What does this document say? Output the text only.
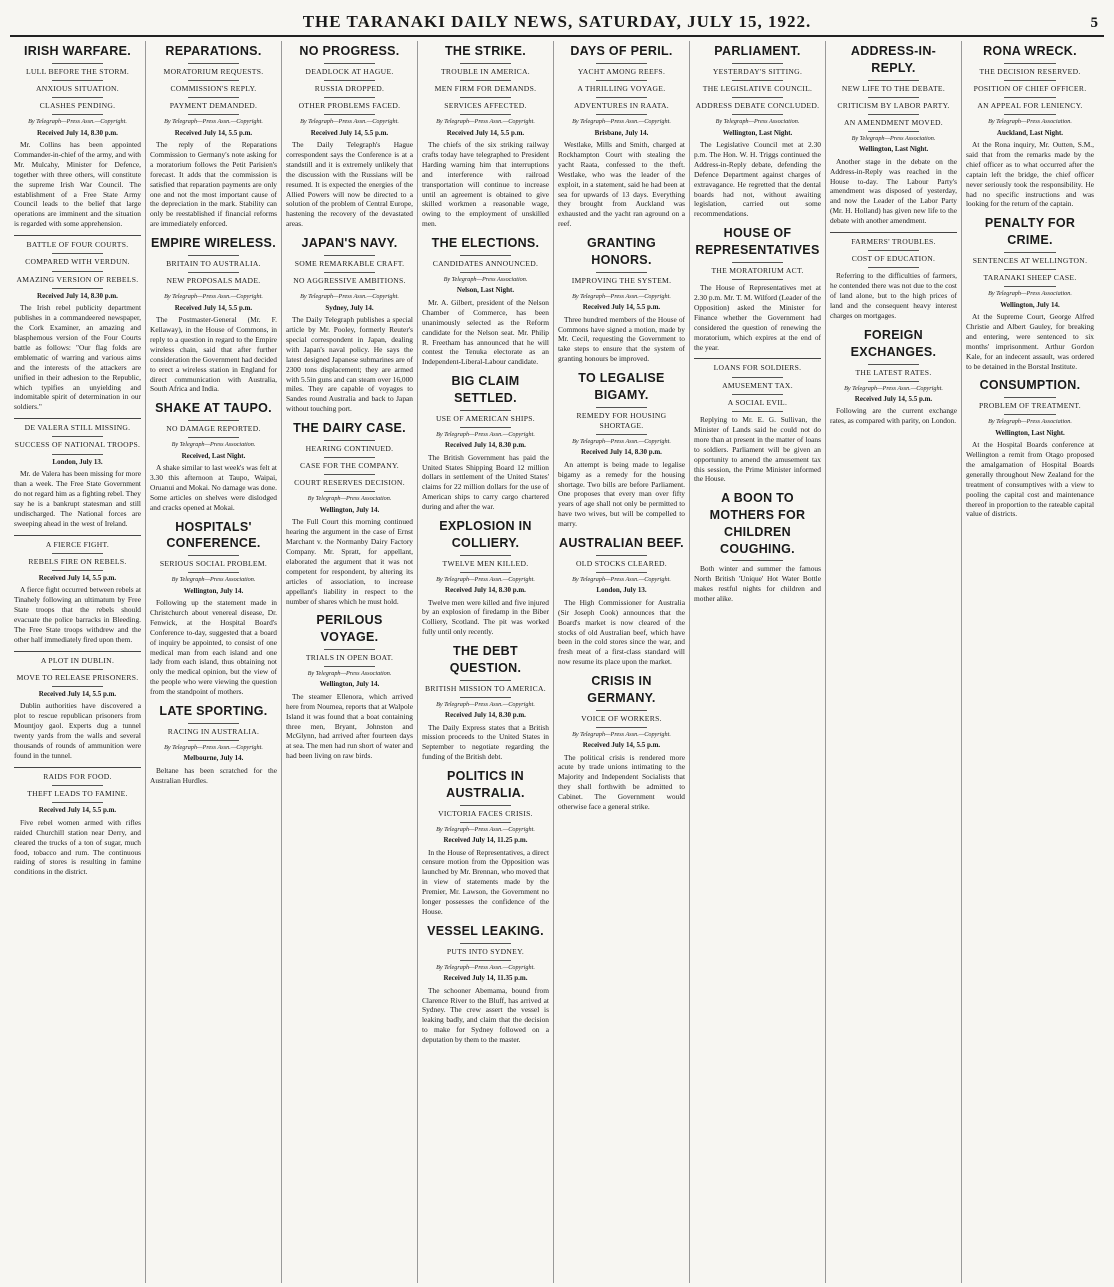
THE TARANAKI DAILY NEWS, SATURDAY, JULY 15, 1922.	5
IRISH WARFARE.
LULL BEFORE THE STORM.
ANXIOUS SITUATION.
CLASHES PENDING.
By Telegraph—Press Assn.—Copyright.
Received July 14, 8.30 p.m.

Mr. Collins has been appointed Commander-in-chief of the army, and with Mr. Mulcahy, Minister for Defence, together with three others, will constitute the supreme Irish War Council. The establishment of a Free State Army Council leads to the belief that large operations are imminent and the situation is regarded with some apprehension.

BATTLE OF FOUR COURTS.
COMPARED WITH VERDUN.
AMAZING VERSION OF REBELS.
Received July 14, 8.30 p.m.

The Irish rebel publicity department publishes in a commandeered newspaper, the Cork Examiner, an amazing and blasphemous version of the Four Courts battle as follows: "Our flag folds are emblematic of warring and various aims and the interests of the attackers are unified in their adhesion to the Republic, which typifies an unyielding and indomitable spirit of determination in our soldiers."

DE VALERA STILL MISSING.
SUCCESS OF NATIONAL TROOPS.
London, July 13.

Mr. de Valera has been missing for more than a week. The Free State Government do not regard him as a fighting rebel. They say he is a bankrupt statesman and still undischarged. The National forces are sweeping ahead in the west of Ireland.

A FIERCE FIGHT.
REBELS FIRE ON REBELS.
Received July 14, 5.5 p.m.

A fierce fight occurred between rebels at Tinahely following an ultimatum by Free State troops that the rebels should evacuate the police barracks in Bleeding. The Free State troops withdrew and the other half immediately fired upon them.

A PLOT IN DUBLIN.
MOVE TO RELEASE PRISONERS.
Received July 14, 5.5 p.m.

Dublin authorities have discovered a plot to rescue republican prisoners from Mountjoy gaol. Experts dug a tunnel twenty yards from the walls and several thousands of rounds of ammunition were found in the tunnel.

RAIDS FOR FOOD.
THEFT LEADS TO FAMINE.
Received July 14, 5.5 p.m.

Five rebel women armed with rifles raided Churchill station near Derry, and cleared the trucks of a ton of sugar, much food, tobacco and rum. The continuous raiding of stores is resulting in famine conditions in the district.

REPARATIONS.
MORATORIUM REQUESTS.
COMMISSION'S REPLY.
PAYMENT DEMANDED.
By Telegraph—Press Assn.—Copyright.
Received July 14, 5.5 p.m.

The reply of the Reparations Commission to Germany's note asking for a moratorium follows the Petit Parisien's forecast. It adds that the commission is satisfied that reparation payments are only one and not the most important cause of the depreciation in the mark. Stability can only be reestablished if financial reforms are immediately enforced.

EMPIRE WIRELESS.
BRITAIN TO AUSTRALIA.
NEW PROPOSALS MADE.
By Telegraph—Press Assn.—Copyright.
Received July 14, 5.5 p.m.

The Postmaster-General (Mr. F. Kellaway), in the House of Commons, in reply to a question in regard to the Empire wireless chain, said that after further consideration the Government had decided to erect a wireless station in England for direct communication with Australia, South Africa and India.

SHAKE AT TAUPO.
NO DAMAGE REPORTED.
By Telegraph—Press Association.
Received, Last Night.

A shake similar to last week's was felt at 3.30 this afternoon at Taupo, Waipai, Oruanui and Mokai. No damage was done. Some articles on shelves were dislodged and cracks opened at Mokai.

HOSPITALS' CONFERENCE.
SERIOUS SOCIAL PROBLEM.
By Telegraph—Press Association.
Wellington, July 14.

Following up the statement made in Christchurch about venereal disease, Dr. Fenwick, at the Hospital Board's Conference to-day, suggested that a board of inquiry be appointed, to consist of one medical man from each island and one lady from each island, thus obtaining not only the medical opinion, but the view of the people who were viewing the question from the standpoint of mothers.

LATE SPORTING.
RACING IN AUSTRALIA.
By Telegraph—Press Assn.—Copyright.
Melbourne, July 14.

Beltane has been scratched for the Australian Hurdles.

NO PROGRESS.
DEADLOCK AT HAGUE.
RUSSIA DROPPED.
OTHER PROBLEMS FACED.
By Telegraph—Press Assn.—Copyright.
Received July 14, 5.5 p.m.

The Daily Telegraph's Hague correspondent says the Conference is at a standstill and it is extremely unlikely that the discussion with the Russians will be resumed. It is expected the energies of the Allied Powers will now be directed to a solution of the problem of Central Europe, hastening the recovery of the devastated areas.

JAPAN'S NAVY.
SOME REMARKABLE CRAFT.
NO AGGRESSIVE AMBITIONS.
By Telegraph—Press Assn.—Copyright.
Sydney, July 14.

The Daily Telegraph publishes a special article by Mr. Pooley, formerly Reuter's special correspondent in Japan, dealing with Japan's naval policy. He says the latest designed Japanese submarines are of 2300 tons displacement; they are armed with 5.5in guns and can steam over 16,000 miles. They are capable of voyages to Sandes round Australia and back to Japan without touching port.

THE DAIRY CASE.
HEARING CONTINUED.
CASE FOR THE COMPANY.
COURT RESERVES DECISION.
By Telegraph—Press Association.
Wellington, July 14.

The Full Court this morning continued hearing the argument in the case of Ernst Marchant v. the Normanby Dairy Factory Company. Mr. Spratt, for appellant, elaborated the argument that it was not competent for respondent, by altering its articles of association, to increase appellant's liability in respect to the number of shares which he must hold.

PERILOUS VOYAGE.
TRIALS IN OPEN BOAT.
By Telegraph—Press Association.
Wellington, July 14.

The steamer Ellenora, which arrived here from Noumea, reports that at Walpole Island it was found that a boat containing three men, Bryant, Johnston and McGlynn, had arrived after fourteen days at sea. The men had run short of water and had been living on raw birds.

THE STRIKE.
TROUBLE IN AMERICA.
MEN FIRM FOR DEMANDS.
SERVICES AFFECTED.
By Telegraph—Press Assn.—Copyright.
Received July 14, 5.5 p.m.

The chiefs of the six striking railway crafts today have telegraphed to President Harding warning him that interruptions and interference with railroad transportation will continue to increase until an agreement is obtained to give skilled workmen a reasonable wage, owing to the employment of unskilled men.

THE ELECTIONS.
CANDIDATES ANNOUNCED.
By Telegraph—Press Association.
Nelson, Last Night.

Mr. A. Gilbert, president of the Nelson Chamber of Commerce, has been unanimously selected as the Reform candidate for the Nelson seat. Mr. Philip R. Freetham has announced that he will contest the Tenuka electorate as an Independent-Liberal-Labour candidate.

BIG CLAIM SETTLED.
USE OF AMERICAN SHIPS.
By Telegraph—Press Assn.—Copyright.
Received July 14, 8.30 p.m.

The British Government has paid the United States Shipping Board 12 million dollars in settlement of the United States' claims for 22 million dollars for the use of American ships to carry cargo chartered during and after the war.

EXPLOSION IN COLLIERY.
TWELVE MEN KILLED.
By Telegraph—Press Assn.—Copyright.
Received July 14, 8.30 p.m.

Twelve men were killed and five injured by an explosion of firedamp in the Biber Colliery, Scotland. The pit was worked fully until only recently.

THE DEBT QUESTION.
BRITISH MISSION TO AMERICA.
By Telegraph—Press Assn.—Copyright.
Received July 14, 8.30 p.m.

The Daily Express states that a British mission proceeds to the United States in September to negotiate regarding the funding of the British debt.

POLITICS IN AUSTRALIA.
VICTORIA FACES CRISIS.
By Telegraph—Press Assn.—Copyright.
Received July 14, 11.25 p.m.

In the House of Representatives, a direct censure motion from the Opposition was launched by Mr. Brennan, who moved that in view of statements made by the Premier, Mr. Lawson, the Government no longer possesses the confidence of the House.

VESSEL LEAKING.
PUTS INTO SYDNEY.
By Telegraph—Press Assn.—Copyright.
Received July 14, 11.35 p.m.

The schooner Abemama, bound from Clarence River to the Bluff, has arrived at Sydney. The crew assert the vessel is leaking badly, and claim that the decision to make for Sydney followed on a deputation by them to the master.

DAYS OF PERIL.
YACHT AMONG REEFS.
A THRILLING VOYAGE.
ADVENTURES IN RAATA.
By Telegraph—Press Assn.—Copyright.
Brisbane, July 14.

Westlake, Mills and Smith, charged at Rockhampton Court with stealing the yacht Raata, confessed to the theft. Westlake, who was the leader of the exploit, in a statement, said he had been at sea for upwards of 13 days. Everything they brought from Auckland was exhausted and the yacht ran aground on a reef.

GRANTING HONORS.
IMPROVING THE SYSTEM.
By Telegraph—Press Assn.—Copyright.
Received July 14, 5.5 p.m.

Three hundred members of the House of Commons have signed a motion, made by Mr. Cecil, requesting the Government to take steps to ensure that the system of granting honours be improved.

TO LEGALISE BIGAMY.
REMEDY FOR HOUSING SHORTAGE.
By Telegraph—Press Assn.—Copyright.
Received July 14, 8.30 p.m.

An attempt is being made to legalise bigamy as a remedy for the housing shortage. Two bills are before Parliament. One proposes that every man over fifty years of age shall not only be permitted to have two wives, but will be compelled to marry.

AUSTRALIAN BEEF.
OLD STOCKS CLEARED.
By Telegraph—Press Assn.—Copyright.
London, July 13.

The High Commissioner for Australia (Sir Joseph Cook) announces that the Board's market is now cleared of the stocks of old Australian beef, which have been in the cold stores since the war, and fresh meat of a first-class standard will now resume its place upon the market.

CRISIS IN GERMANY.
VOICE OF WORKERS.
By Telegraph—Press Assn.—Copyright.
Received July 14, 5.5 p.m.

The political crisis is rendered more acute by trade unions intimating to the Majority and Independent Socialists that they shall forthwith be admitted to Cabinet. The Government would otherwise face a general strike.

PARLIAMENT.
YESTERDAY'S SITTING.
THE LEGISLATIVE COUNCIL.
ADDRESS DEBATE CONCLUDED.
By Telegraph—Press Association.
Wellington, Last Night.

The Legislative Council met at 2.30 p.m. The Hon. W. H. Triggs continued the Address-in-Reply debate, defending the Defence Department against charges of extravagance. He regretted that the dental boards had not, without awaiting legislation, carried out some recommendations.

HOUSE OF REPRESENTATIVES
THE MORATORIUM ACT.

The House of Representatives met at 2.30 p.m. Mr. T. M. Wilford (Leader of the Opposition) asked the Minister for Finance whether the Government had considered the question of renewing the moratorium, which expires at the end of the year.

LOANS FOR SOLDIERS.
AMUSEMENT TAX.
A SOCIAL EVIL.

Replying to Mr. E. G. Sullivan, the Minister of Lands said he could not do more than at present in the matter of loans to soldiers. Parliament will be given an opportunity to amend the amusement tax this session, the Prime Minister informed the House.

A BOON TO MOTHERS FOR CHILDREN COUGHING.

Both winter and summer the famous North British 'Unique' Hot Water Bottle makes restful nights for children and mother alike.

ADDRESS-IN-REPLY.
NEW LIFE TO THE DEBATE.
CRITICISM BY LABOR PARTY.
AN AMENDMENT MOVED.
By Telegraph—Press Association.
Wellington, Last Night.

Another stage in the debate on the Address-in-Reply was reached in the House to-day. The Labour Party's amendment was disposed of yesterday, and now the Leader of the Labor Party (Mr. H. Holland) has given new life to the debate with another amendment.

FARMERS' TROUBLES.
COST OF EDUCATION.

Referring to the difficulties of farmers, he contended there was not due to the cost of land alone, but to the high prices of land and the consequent heavy interest charges on mortgages.

FOREIGN EXCHANGES.
THE LATEST RATES.
By Telegraph—Press Assn.—Copyright.
Received July 14, 5.5 p.m.

Following are the current exchange rates, as compared with parity, on London.

RONA WRECK.
THE DECISION RESERVED.
POSITION OF CHIEF OFFICER.
AN APPEAL FOR LENIENCY.
By Telegraph—Press Association.
Auckland, Last Night.

At the Rona inquiry, Mr. Outten, S.M., said that from the remarks made by the chief officer as to what occurred after the captain left the bridge, the chief officer never seriously took the responsibility. He had no specific instructions and was looking for the return of the captain.

PENALTY FOR CRIME.
SENTENCES AT WELLINGTON.
TARANAKI SHEEP CASE.
By Telegraph—Press Association.
Wellington, July 14.

At the Supreme Court, George Alfred Christie and Albert Gauley, for breaking and entering, were sentenced to six months' imprisonment. Arthur Gordon Kale, for an indecent assault, was ordered to be detained in the Borstal Institute.

CONSUMPTION.
PROBLEM OF TREATMENT.
By Telegraph—Press Association.
Wellington, Last Night.

At the Hospital Boards conference at Wellington a remit from Otago proposed the amalgamation of Hospital Boards generally throughout New Zealand for the treatment of consumptives with a view to pooling the capital cost and maintenance thereof in proportion to the rateable capital value of districts.
